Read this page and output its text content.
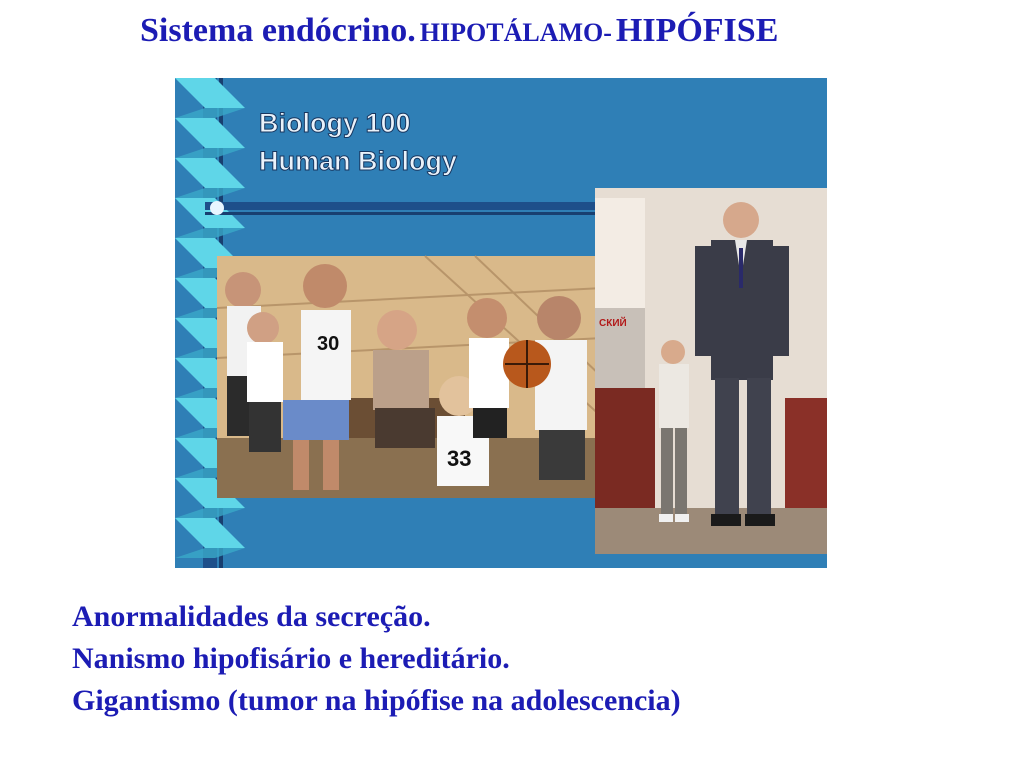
Sistema endócrino. HIPOTÁLAMO- HIPÓFISE
Biology 100
Human Biology
30
33
СКИЙ
Anormalidades da secreção.
Nanismo hipofisário e hereditário.
Gigantismo (tumor na hipófise na adolescencia)
